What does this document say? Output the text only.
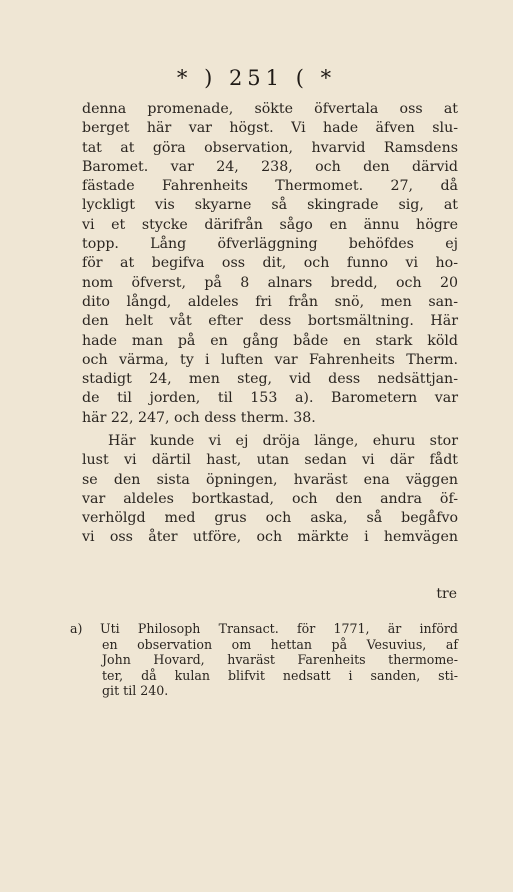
* ) 251 ( *
denna promenade, sökte öfvertala oss at
berget här var högst. Vi hade äfven slu-
tat at göra observation, hvarvid Ramsdens
Baromet. var 24, 238, och den därvid
fästade Fahrenheits Thermomet. 27, då
lyckligt vis skyarne så skingrade sig, at
vi et stycke därifrån sågo en ännu högre
topp. Lång öfverläggning behöfdes ej
för at begifva oss dit, och funno vi ho-
nom öfverst, på 8 alnars bredd, och 20
dito långd, aldeles fri från snö, men san-
den helt våt efter dess bortsmältning. Här
hade man på en gång både en stark köld
och värma, ty i luften var Fahrenheits Therm.
stadigt 24, men steg, vid dess nedsättjan-
de til jorden, til 153 a). Barometern var
här 22, 247, och dess therm. 38.
Här kunde vi ej dröja länge, ehuru stor
lust vi därtil hast, utan sedan vi där fådt
se den sista öpningen, hvaräst ena väggen
var aldeles bortkastad, och den andra öf-
verhölgd med grus och aska, så begåfvo
vi oss åter utföre, och märkte i hemvägen
tre
a)	Uti Philosoph Transact. för 1771, är införd
en observation om hettan på Vesuvius, af
John Hovard, hvaräst Farenheits thermome-
ter, då kulan blifvit nedsatt i sanden, sti-
git til 240.
